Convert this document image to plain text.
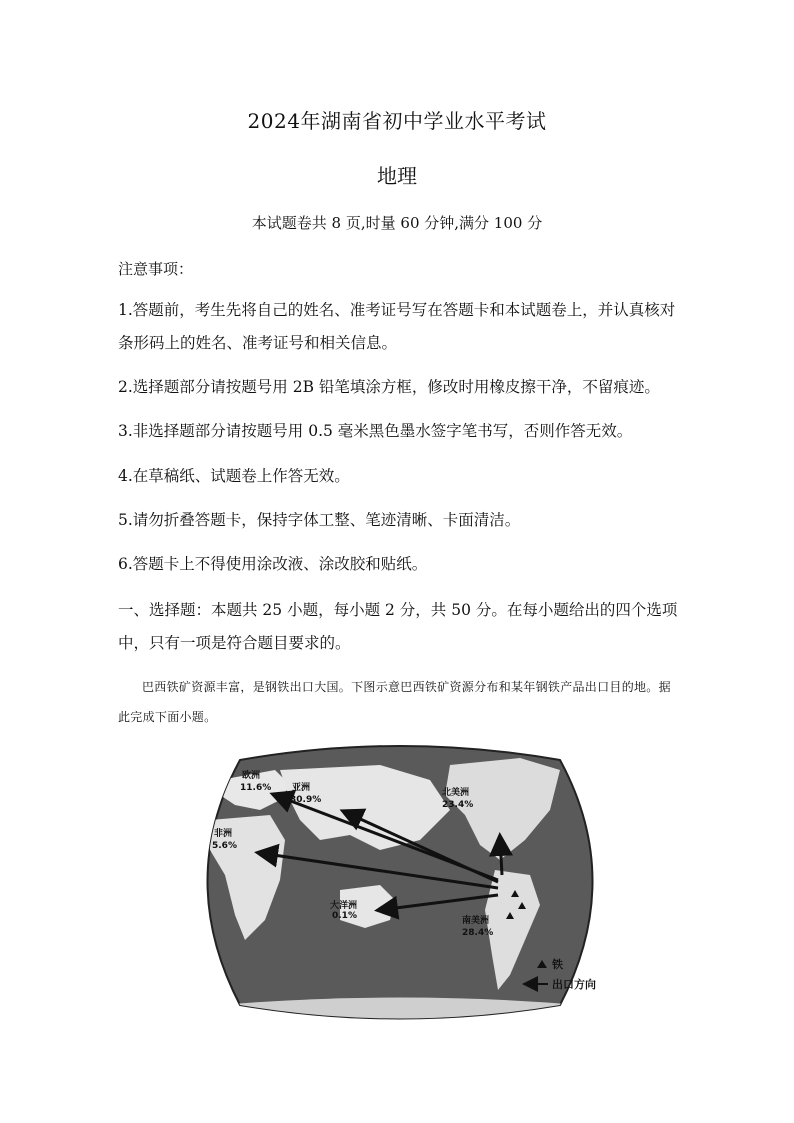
2024年湖南省初中学业水平考试
地理
本试题卷共 8 页,时量 60 分钟,满分 100 分
注意事项：
1.答题前，考生先将自己的姓名、准考证号写在答题卡和本试题卷上，并认真核对条形码上的姓名、准考证号和相关信息。
2.选择题部分请按题号用 2B 铅笔填涂方框，修改时用橡皮擦干净，不留痕迹。
3.非选择题部分请按题号用 0.5 毫米黑色墨水签字笔书写，否则作答无效。
4.在草稿纸、试题卷上作答无效。
5.请勿折叠答题卡，保持字体工整、笔迹清晰、卡面清洁。
6.答题卡上不得使用涂改液、涂改胶和贴纸。
一、选择题：本题共 25 小题，每小题 2 分，共 50 分。在每小题给出的四个选项中，只有一项是符合题目要求的。
巴西铁矿资源丰富，是钢铁出口大国。下图示意巴西铁矿资源分布和某年钢铁产品出口目的地。据此完成下面小题。
欧洲
11.6% 亚洲
30.9%
北美洲
23.4%
非洲
5.6%
大洋洲
0.1%	南美洲
28.4%
铁
出口方向
